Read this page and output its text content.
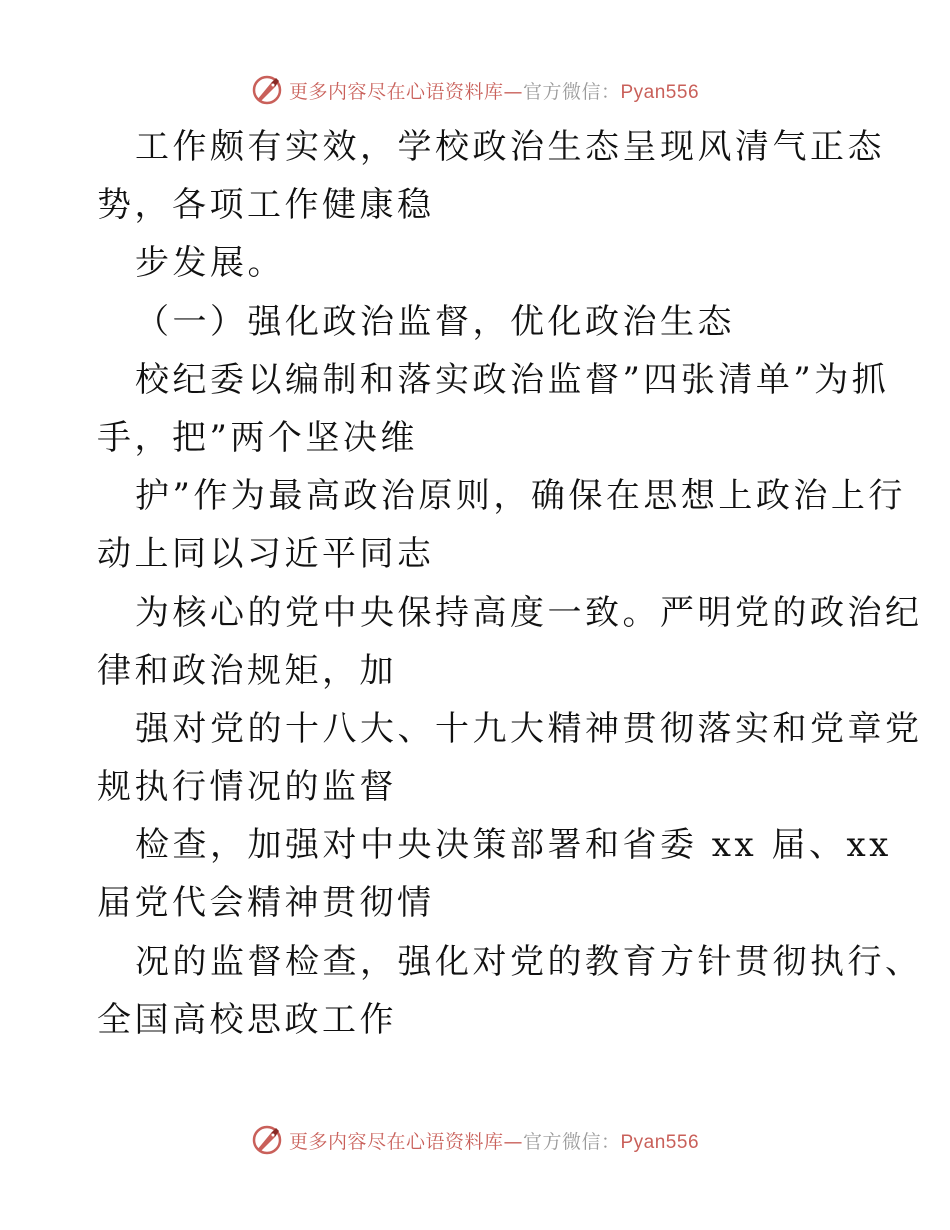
更多内容尽在心语资料库—官方微信：Pyan556
工作颇有实效，学校政治生态呈现风清气正态
势，各项工作健康稳
步发展。
（一）强化政治监督，优化政治生态
校纪委以编制和落实政治监督”四张清单”为抓
手，把”两个坚决维
护”作为最高政治原则，确保在思想上政治上行
动上同以习近平同志
为核心的党中央保持高度一致。严明党的政治纪
律和政治规矩，加
强对党的十八大、十九大精神贯彻落实和党章党
规执行情况的监督
检查，加强对中央决策部署和省委 xx 届、xx
届党代会精神贯彻情
况的监督检查，强化对党的教育方针贯彻执行、
全国高校思政工作
更多内容尽在心语资料库—官方微信：Pyan556
